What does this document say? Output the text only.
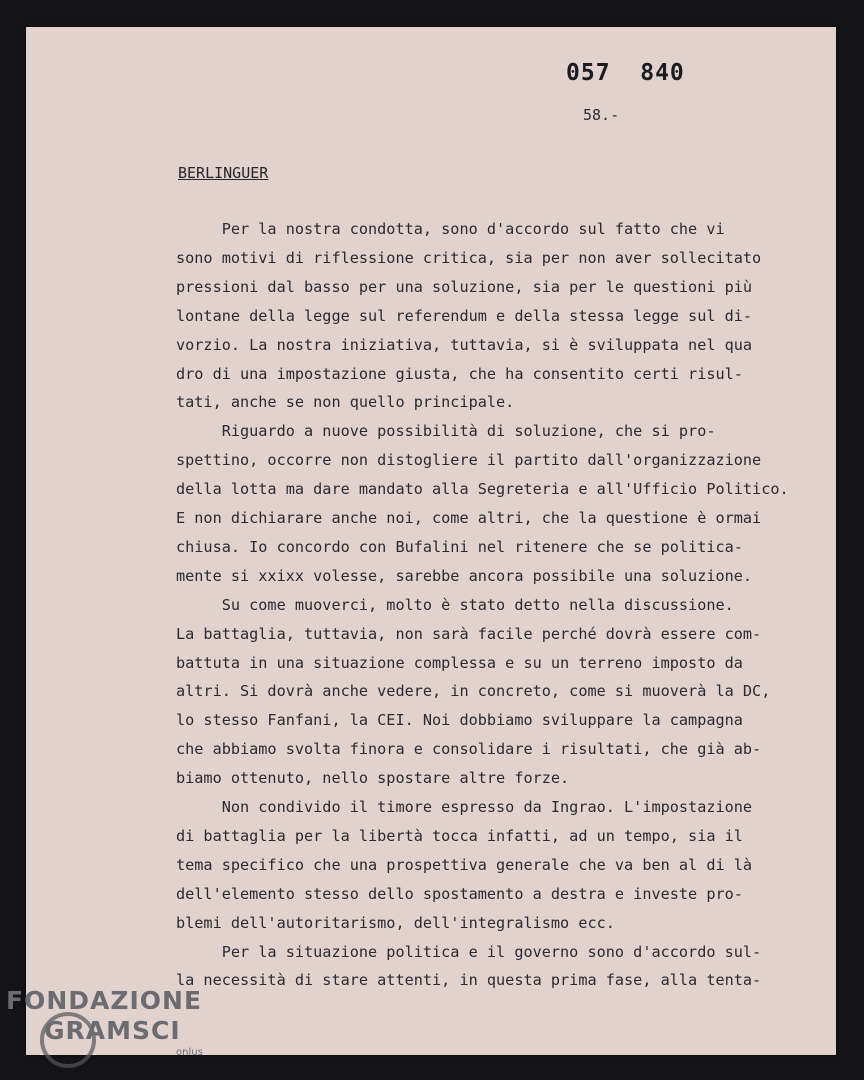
057  840
58.-
BERLINGUER
Per la nostra condotta, sono d'accordo sul fatto che vi
sono motivi di riflessione critica, sia per non aver sollecitato
pressioni dal basso per una soluzione, sia per le questioni più
lontane della legge sul referendum e della stessa legge sul di-
vorzio. La nostra iniziativa, tuttavia, si è sviluppata nel qua
dro di una impostazione giusta, che ha consentito certi risul-
tati, anche se non quello principale.
Riguardo a nuove possibilità di soluzione, che si pro-
spettino, occorre non distogliere il partito dall'organizzazione
della lotta ma dare mandato alla Segreteria e all'Ufficio Politico.
E non dichiarare anche noi, come altri, che la questione è ormai
chiusa. Io concordo con Bufalini nel ritenere che se politica-
mente si xxixx volesse, sarebbe ancora possibile una soluzione.
Su come muoverci, molto è stato detto nella discussione.
La battaglia, tuttavia, non sarà facile perché dovrà essere com-
battuta in una situazione complessa e su un terreno imposto da
altri. Si dovrà anche vedere, in concreto, come si muoverà la DC,
lo stesso Fanfani, la CEI. Noi dobbiamo sviluppare la campagna
che abbiamo svolta finora e consolidare i risultati, che già ab-
biamo ottenuto, nello spostare altre forze.
Non condivido il timore espresso da Ingrao. L'impostazione
di battaglia per la libertà tocca infatti, ad un tempo, sia il
tema specifico che una prospettiva generale che va ben al di là
dell'elemento stesso dello spostamento a destra e investe pro-
blemi dell'autoritarismo, dell'integralismo ecc.
Per la situazione politica e il governo sono d'accordo sul-
la necessità di stare attenti, in questa prima fase, alla tenta-
FONDAZIONE
GRAMSCI
onlus
